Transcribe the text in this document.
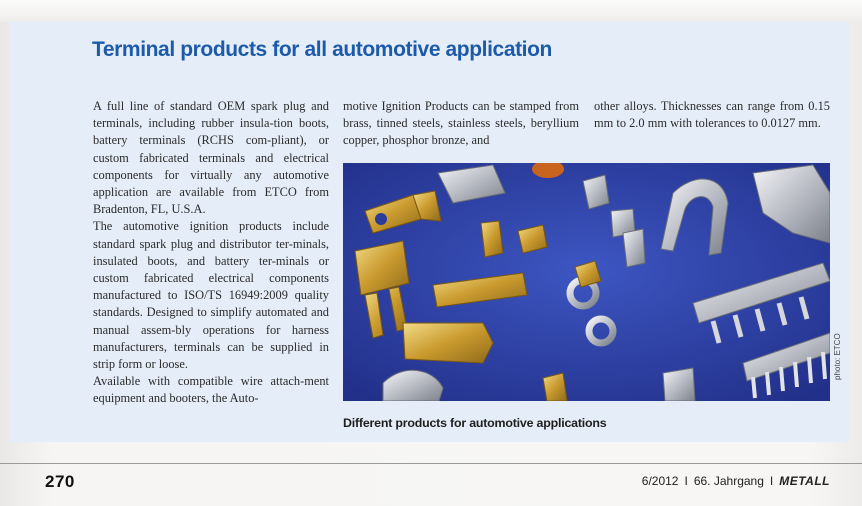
Terminal products for all automotive application

A full line of standard OEM spark plug and terminals, including rubber insula-tion boots, battery terminals (RCHS com-pliant), or custom fabricated terminals and electrical components for virtually any automotive application are available from ETCO from Bradenton, FL, U.S.A.

The automotive ignition products include standard spark plug and distributor ter-minals, insulated boots, and battery ter-minals or custom fabricated electrical components manufactured to ISO/TS 16949:2009 quality standards. Designed to simplify automated and manual assem-bly operations for harness manufacturers, terminals can be supplied in strip form or loose.

Available with compatible wire attach-ment equipment and booters, the Auto-

motive Ignition Products can be stamped from brass, tinned steels, stainless steels, beryllium copper, phosphor bronze, and

other alloys. Thicknesses can range from 0.15 mm to 2.0 mm with tolerances to 0.0127 mm.

photo: ETCO
Different products for automotive applications
270	6/2012 I 66. Jahrgang I METALL
